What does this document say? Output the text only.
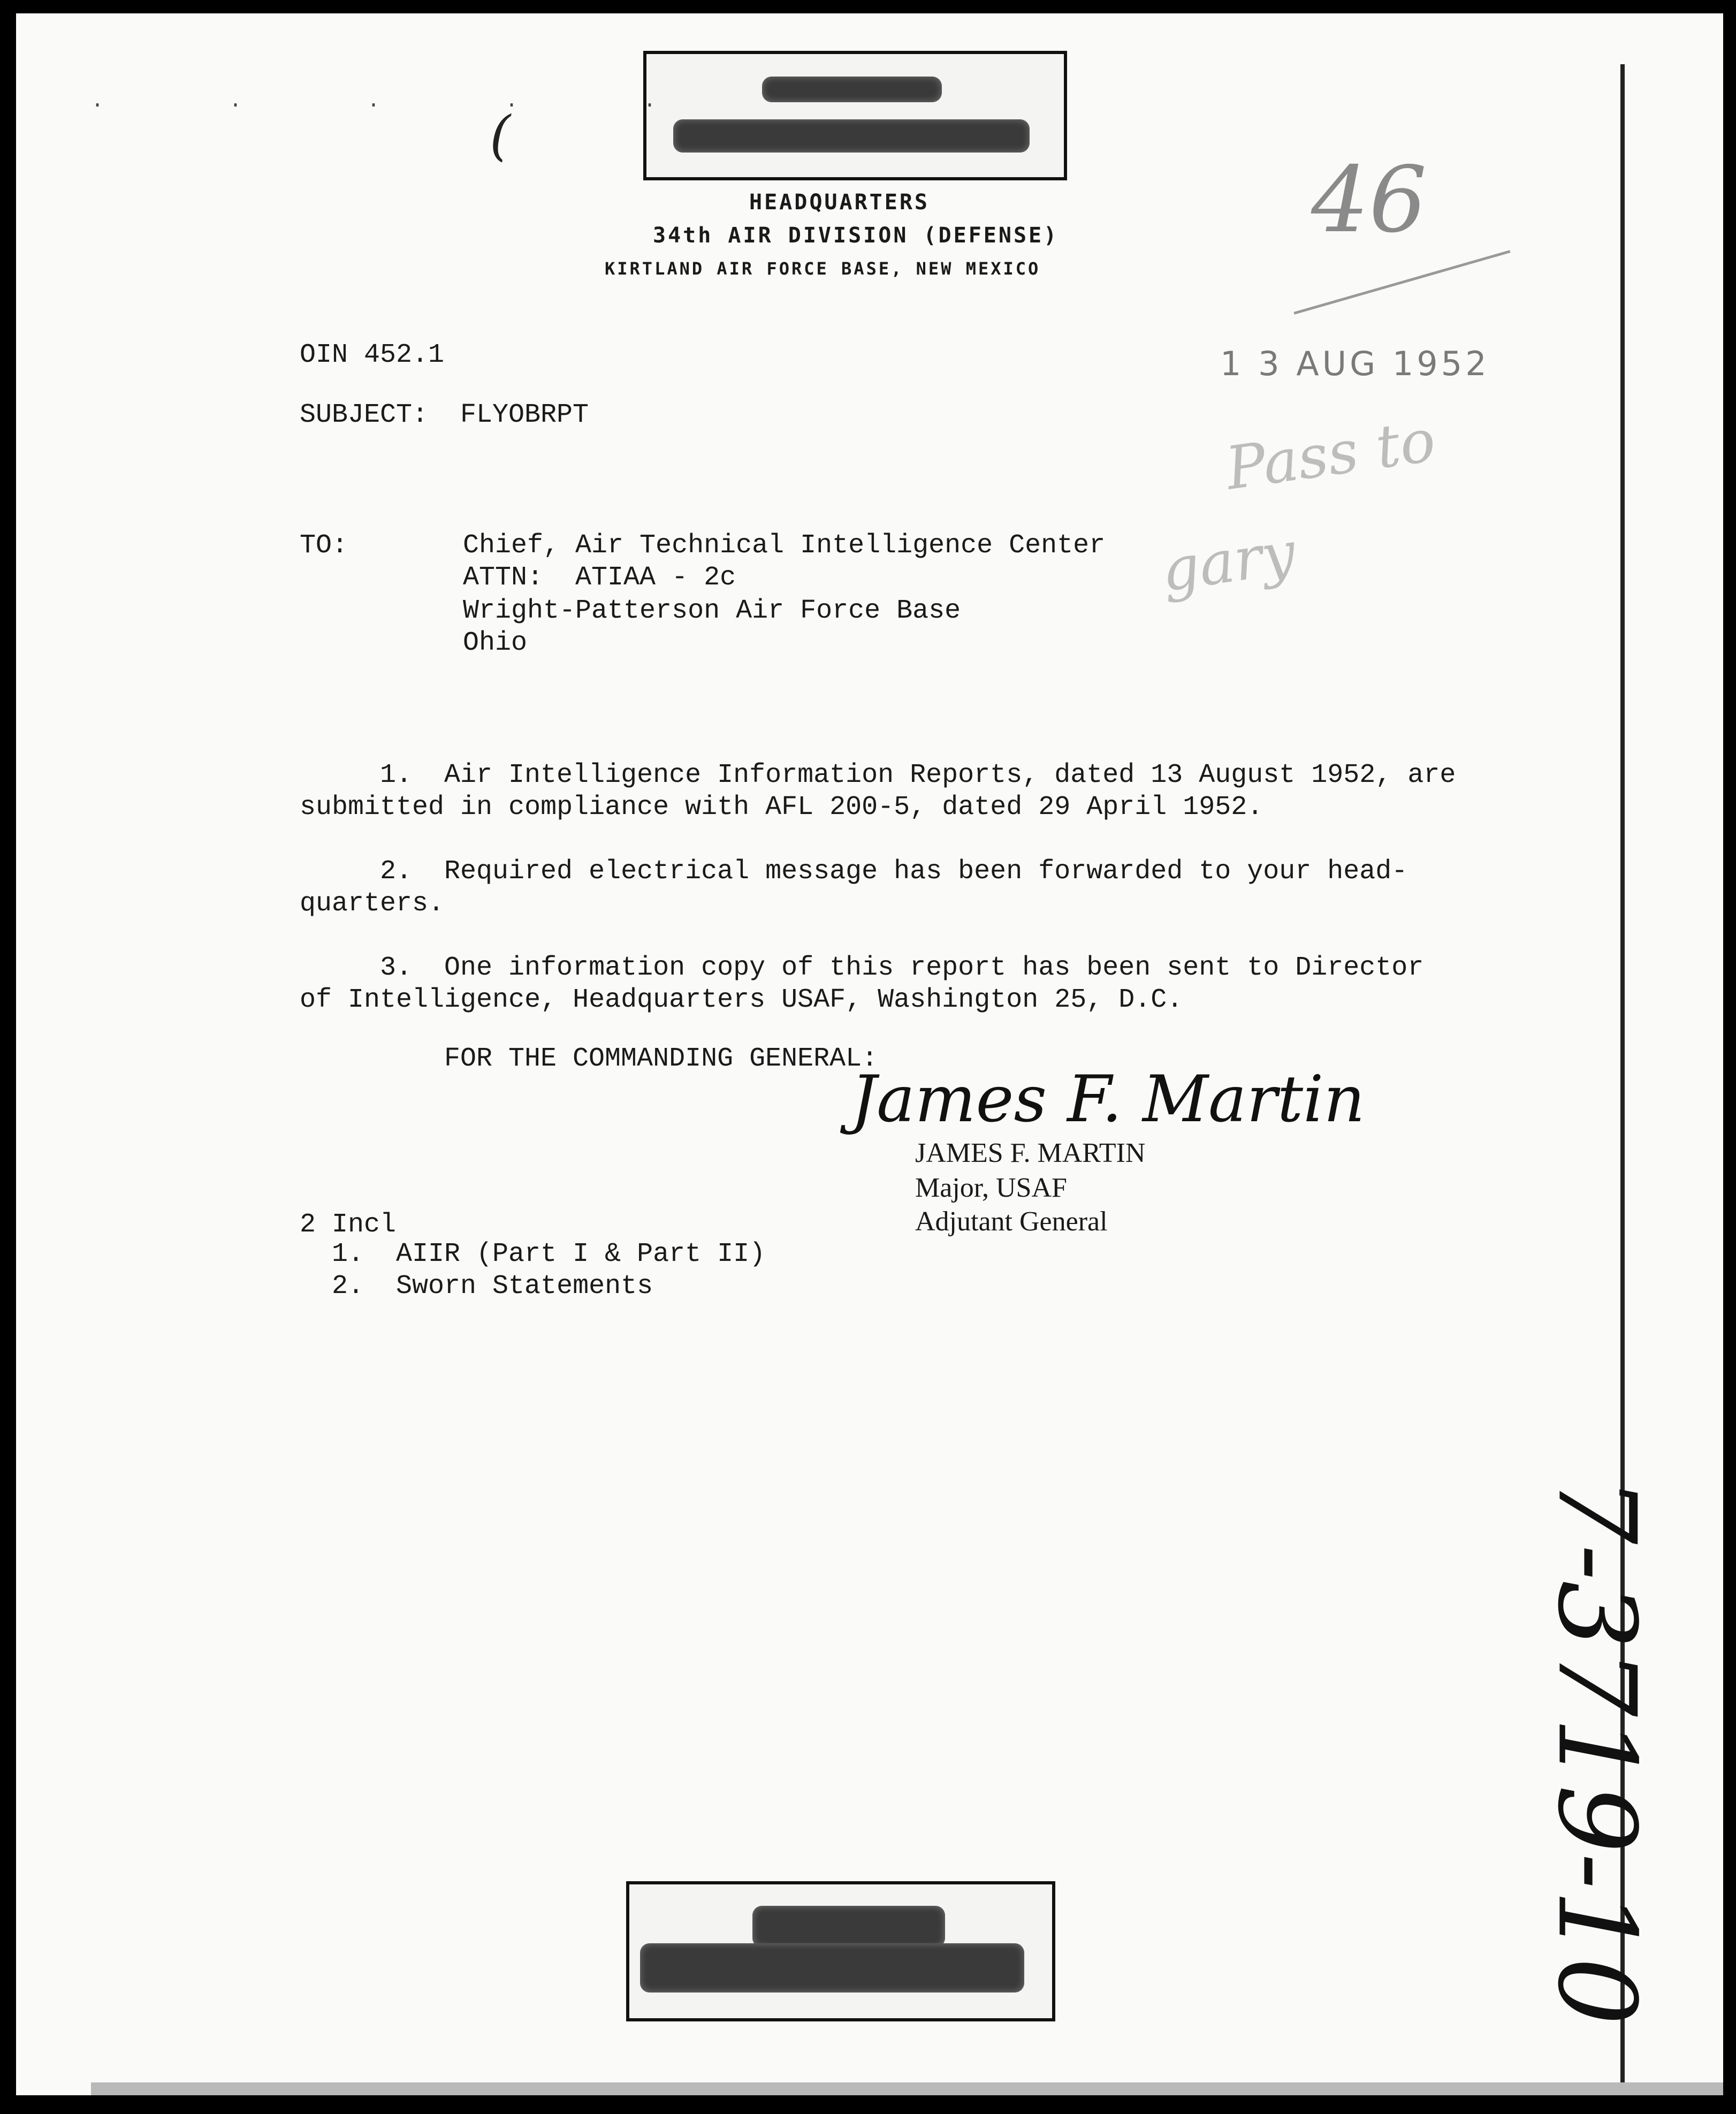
·  ·  ·  ·  ·
(
HEADQUARTERS
34th AIR DIVISION (DEFENSE)
KIRTLAND AIR FORCE BASE, NEW MEXICO
46
Pass to
gary
OIN 452.1	1 3 AUG 1952
SUBJECT: FLYOBRPT
TO:	Chief, Air Technical Intelligence Center
ATTN:  ATIAA - 2c
Wright-Patterson Air Force Base
Ohio
1.  Air Intelligence Information Reports, dated 13 August 1952, are
submitted in compliance with AFL 200-5, dated 29 April 1952.
2.  Required electrical message has been forwarded to your head-
quarters.
3.  One information copy of this report has been sent to Director
of Intelligence, Headquarters USAF, Washington 25, D.C.
FOR THE COMMANDING GENERAL:
James F. Martin
JAMES F. MARTIN
Major, USAF
Adjutant General
2 Incl
1.  AIIR (Part I & Part II)
2.  Sworn Statements
7-3719-10
